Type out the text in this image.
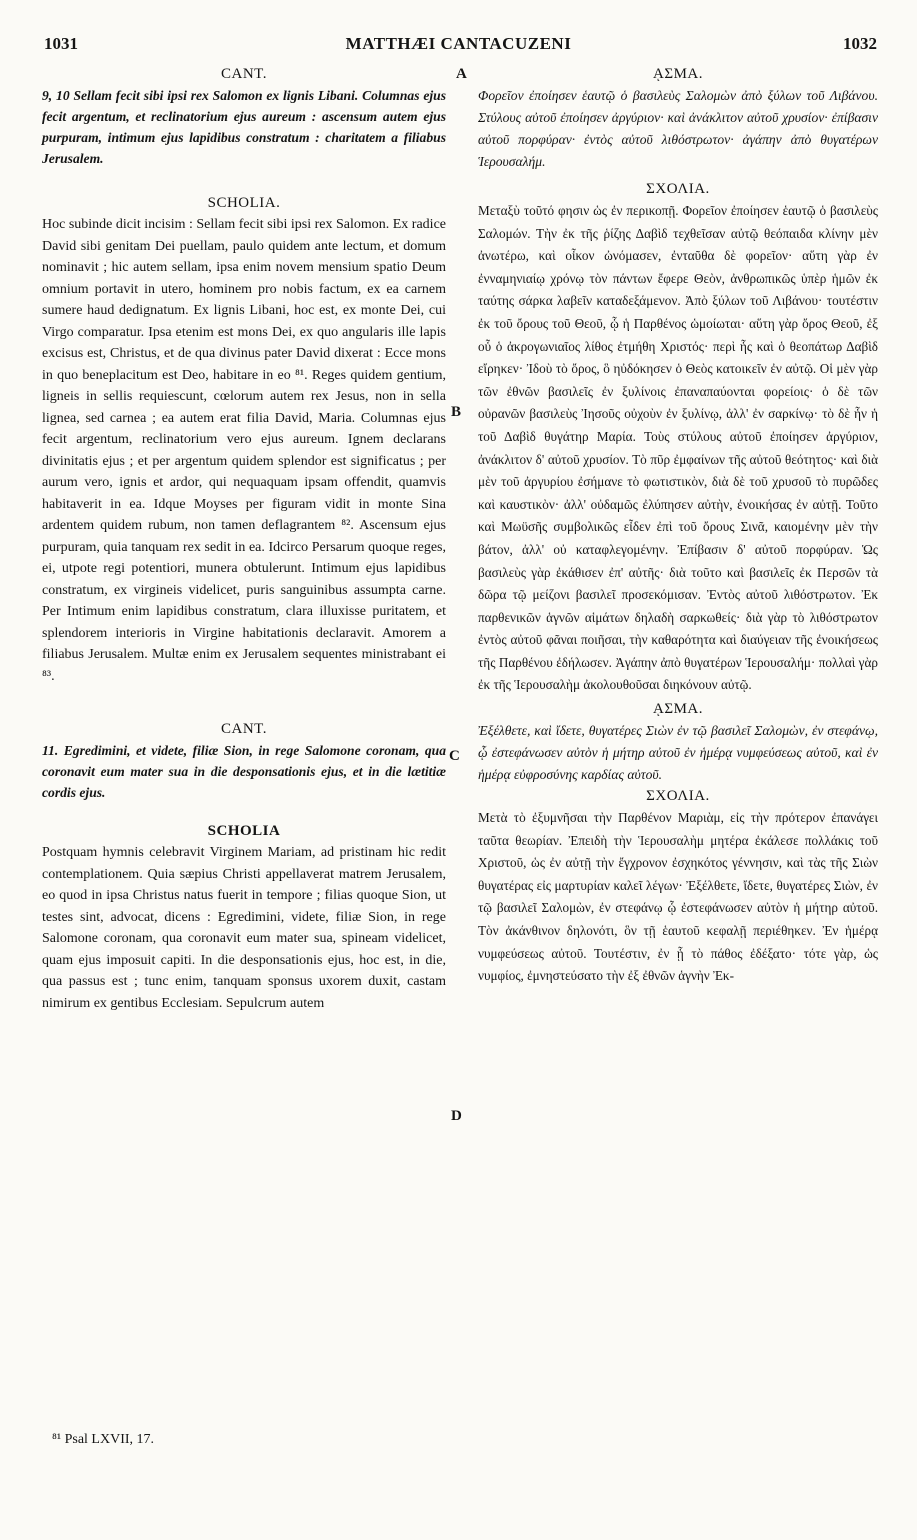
1031	MATTHÆI CANTACUZENI	1032
A
B
C
D
CANT.
9, 10 Sellam fecit sibi ipsi rex Salomon ex lignis Libani. Columnas ejus fecit argentum, et reclinatorium ejus aureum : ascensum autem ejus purpuram, intimum ejus lapidibus constratum : charitatem a filiabus Jerusalem.
SCHOLIA.
Hoc subinde dicit incisim : Sellam fecit sibi ipsi rex Salomon. Ex radice David sibi genitam Dei puellam, paulo quidem ante lectum, et domum nominavit ; hic autem sellam, ipsa enim novem mensium spatio Deum omnium portavit in utero, hominem pro nobis factum, ex ea carnem sumere haud dedignatum. Ex lignis Libani, hoc est, ex monte Dei, cui Virgo comparatur. Ipsa etenim est mons Dei, ex quo angularis ille lapis excisus est, Christus, et de qua divinus pater David dixerat : Ecce mons in quo beneplacitum est Deo, habitare in eo ⁸¹. Reges quidem gentium, ligneis in sellis requiescunt, cœlorum autem rex Jesus, non in sella lignea, sed carnea ; ea autem erat filia David, Maria. Columnas ejus fecit argentum, reclinatorium vero ejus aureum. Ignem declarans divinitatis ejus ; et per argentum quidem splendor est significatus ; per aurum vero, ignis et ardor, qui nequaquam ipsam offendit, quamvis habitaverit in ea. Idque Moyses per figuram vidit in monte Sina ardentem quidem rubum, non tamen deflagrantem ⁸². Ascensum ejus purpuram, quia tanquam rex sedit in ea. Idcirco Persarum quoque reges, ei, utpote regi potentiori, munera obtulerunt. Intimum ejus lapidibus constratum, ex virgineis videlicet, puris sanguinibus assumpta carne. Per Intimum enim lapidibus constratum, clara illuxisse puritatem, et splendorem interioris in Virgine habitationis declaravit. Amorem a filiabus Jerusalem. Multæ enim ex Jerusalem sequentes ministrabant ei ⁸³.
CANT.
11. Egredimini, et videte, filiæ Sion, in rege Salomone coronam, qua coronavit eum mater sua in die desponsationis ejus, et in die lætitiæ cordis ejus.
SCHOLIA
Postquam hymnis celebravit Virginem Mariam, ad pristinam hic redit contemplationem. Quia sæpius Christi appellaverat matrem Jerusalem, eo quod in ipsa Christus natus fuerit in tempore ; filias quoque Sion, ut testes sint, advocat, dicens : Egredimini, videte, filiæ Sion, in rege Salomone coronam, qua coronavit eum mater sua, spineam videlicet, quam ejus imposuit capiti. In die desponsationis ejus, hoc est, in die, qua passus est ; tunc enim, tanquam sponsus uxorem duxit, castam nimirum ex gentibus Ecclesiam. Sepulcrum autem
⁸¹ Psal LXVII, 17.
ᾼΣΜΑ.
Φορεῖον ἐποίησεν ἑαυτῷ ὁ βασιλεὺς Σαλομὼν ἀπὸ ξύλων τοῦ Λιβάνου. Στύλους αὐτοῦ ἐποίησεν ἀργύριον· καὶ ἀνάκλιτον αὐτοῦ χρυσίον· ἐπίβασιν αὐτοῦ πορφύραν· ἐντὸς αὐτοῦ λιθόστρωτον· ἀγάπην ἀπὸ θυγατέρων Ἱερουσαλήμ.
ΣΧΟΛΙΑ.
Μεταξὺ τοῦτό φησιν ὡς ἐν περικοπῇ. Φορεῖον ἐποίησεν ἑαυτῷ ὁ βασιλεὺς Σαλομών. Τὴν ἐκ τῆς ῥίζης Δαβὶδ τεχθεῖσαν αὐτῷ θεόπαιδα κλίνην μὲν ἀνωτέρω, καὶ οἶκον ὠνόμασεν, ἐνταῦθα δὲ φορεῖον· αὕτη γὰρ ἐν ἐνναμηνιαίῳ χρόνῳ τὸν πάντων ἔφερε Θεὸν, ἀνθρωπικῶς ὑπὲρ ἡμῶν ἐκ ταύτης σάρκα λαβεῖν καταδεξάμενον. Ἀπὸ ξύλων τοῦ Λιβάνου· τουτέστιν ἐκ τοῦ ὄρους τοῦ Θεοῦ, ᾧ ἡ Παρθένος ὡμοίωται· αὕτη γὰρ ὄρος Θεοῦ, ἐξ οὗ ὁ ἀκρογωνιαῖος λίθος ἐτμήθη Χριστός· περὶ ἧς καὶ ὁ θεοπάτωρ Δαβὶδ εἴρηκεν· Ἰδοὺ τὸ ὄρος, ὃ ηὐδόκησεν ὁ Θεὸς κατοικεῖν ἐν αὐτῷ. Οἱ μὲν γὰρ τῶν ἐθνῶν βασιλεῖς ἐν ξυλίνοις ἐπαναπαύονται φορείοις· ὁ δὲ τῶν οὐρανῶν βασιλεὺς Ἰησοῦς οὐχοὺν ἐν ξυλίνῳ, ἀλλ' ἐν σαρκίνῳ· τὸ δὲ ἦν ἡ τοῦ Δαβὶδ θυγάτηρ Μαρία. Τοὺς στύλους αὐτοῦ ἐποίησεν ἀργύριον, ἀνάκλιτον δ' αὐτοῦ χρυσίον. Τὸ πῦρ ἐμφαίνων τῆς αὐτοῦ θεότητος· καὶ διὰ μὲν τοῦ ἀργυρίου ἐσήμανε τὸ φωτιστικὸν, διὰ δὲ τοῦ χρυσοῦ τὸ πυρῶδες καὶ καυστικὸν· ἀλλ' οὐδαμῶς ἐλύπησεν αὐτὴν, ἐνοικήσας ἐν αὐτῇ. Τοῦτο καὶ Μωϋσῆς συμβολικῶς εἶδεν ἐπὶ τοῦ ὄρους Σινᾶ, καιομένην μὲν τὴν βάτον, ἀλλ' οὐ καταφλεγομένην. Ἐπίβασιν δ' αὐτοῦ πορφύραν. Ὡς βασιλεὺς γὰρ ἐκάθισεν ἐπ' αὐτῆς· διὰ τοῦτο καὶ βασιλεῖς ἐκ Περσῶν τὰ δῶρα τῷ μείζονι βασιλεῖ προσεκόμισαν. Ἐντὸς αὐτοῦ λιθόστρωτον. Ἐκ παρθενικῶν ἁγνῶν αἱμάτων δηλαδὴ σαρκωθείς· διὰ γὰρ τὸ λιθόστρωτον ἐντὸς αὐτοῦ φᾶναι ποιῆσαι, τὴν καθαρότητα καὶ διαύγειαν τῆς ἐνοικήσεως τῆς Παρθένου ἐδήλωσεν. Ἀγάπην ἀπὸ θυγατέρων Ἱερουσαλήμ· πολλαὶ γὰρ ἐκ τῆς Ἱερουσαλὴμ ἀκολουθοῦσαι διηκόνουν αὐτῷ.
ᾼΣΜΑ.
Ἐξέλθετε, καὶ ἴδετε, θυγατέρες Σιὼν ἐν τῷ βασιλεῖ Σαλομὼν, ἐν στεφάνῳ, ᾧ ἐστεφάνωσεν αὐτὸν ἡ μήτηρ αὐτοῦ ἐν ἡμέρᾳ νυμφεύσεως αὐτοῦ, καὶ ἐν ἡμέρᾳ εὐφροσύνης καρδίας αὐτοῦ.
ΣΧΟΛΙΑ.
Μετὰ τὸ ἐξυμνῆσαι τὴν Παρθένον Μαριὰμ, εἰς τὴν πρότερον ἐπανάγει ταῦτα θεωρίαν. Ἐπειδὴ τὴν Ἱερουσαλὴμ μητέρα ἐκάλεσε πολλάκις τοῦ Χριστοῦ, ὡς ἐν αὐτῇ τὴν ἔγχρονον ἐσχηκότος γέννησιν, καὶ τὰς τῆς Σιὼν θυγατέρας εἰς μαρτυρίαν καλεῖ λέγων· Ἐξέλθετε, ἴδετε, θυγατέρες Σιὼν, ἐν τῷ βασιλεῖ Σαλομὼν, ἐν στεφάνῳ ᾧ ἐστεφάνωσεν αὐτὸν ἡ μήτηρ αὐτοῦ. Τὸν ἀκάνθινον δηλονότι, ὃν τῇ ἑαυτοῦ κεφαλῇ περιέθηκεν. Ἐν ἡμέρᾳ νυμφεύσεως αὐτοῦ. Τουτέστιν, ἐν ᾗ τὸ πάθος ἐδέξατο· τότε γὰρ, ὡς νυμφίος, ἐμνηστεύσατο τὴν ἐξ ἐθνῶν ἁγνὴν Ἐκ-
